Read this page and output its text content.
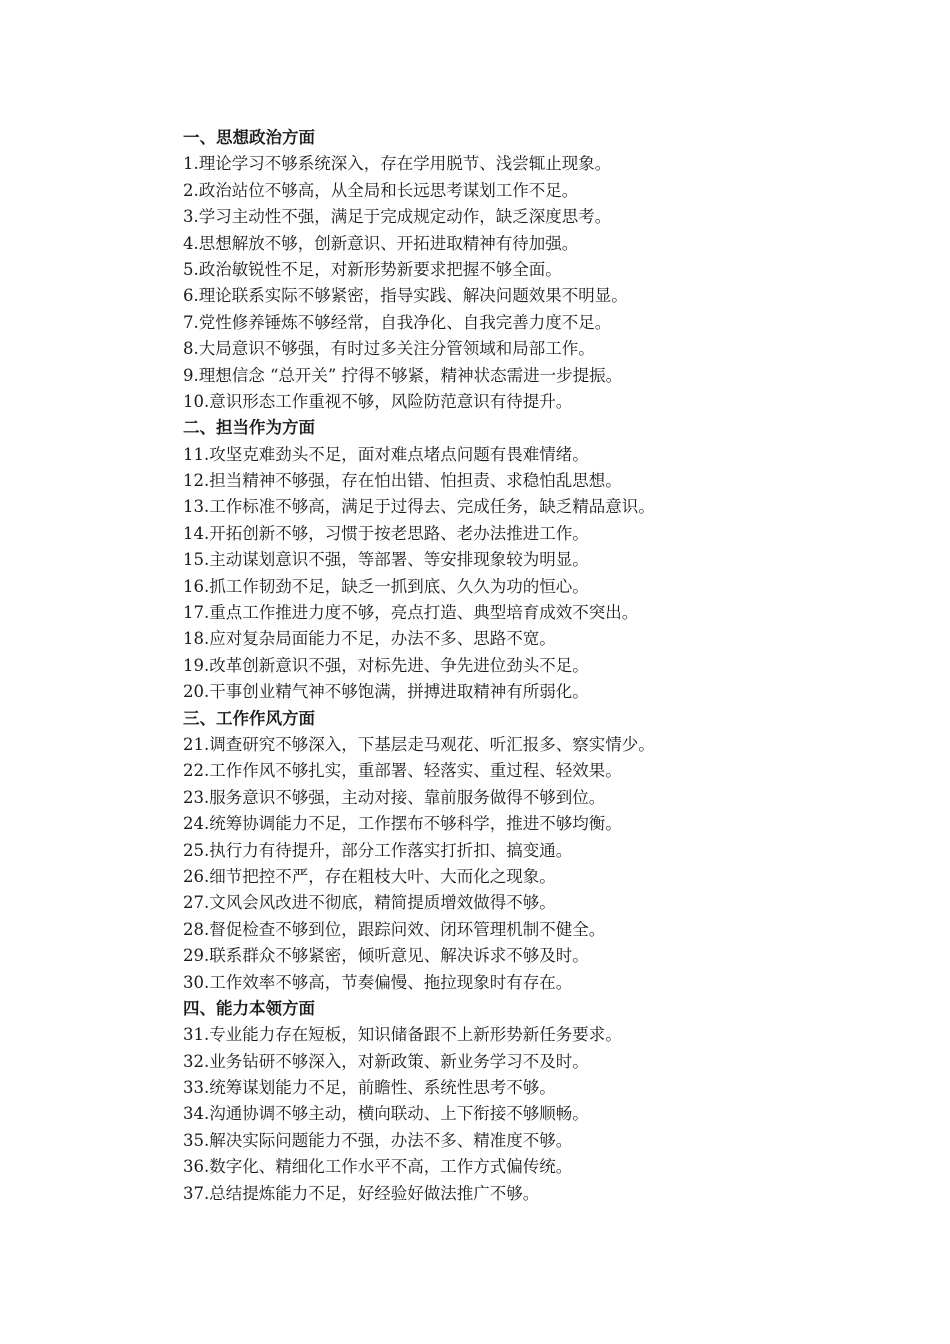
一、思想政治方面
1.理论学习不够系统深入，存在学用脱节、浅尝辄止现象。
2.政治站位不够高，从全局和长远思考谋划工作不足。
3.学习主动性不强，满足于完成规定动作，缺乏深度思考。
4.思想解放不够，创新意识、开拓进取精神有待加强。
5.政治敏锐性不足，对新形势新要求把握不够全面。
6.理论联系实际不够紧密，指导实践、解决问题效果不明显。
7.党性修养锤炼不够经常，自我净化、自我完善力度不足。
8.大局意识不够强，有时过多关注分管领域和局部工作。
9.理想信念 “总开关” 拧得不够紧，精神状态需进一步提振。
10.意识形态工作重视不够，风险防范意识有待提升。
二、担当作为方面
11.攻坚克难劲头不足，面对难点堵点问题有畏难情绪。
12.担当精神不够强，存在怕出错、怕担责、求稳怕乱思想。
13.工作标准不够高，满足于过得去、完成任务，缺乏精品意识。
14.开拓创新不够，习惯于按老思路、老办法推进工作。
15.主动谋划意识不强，等部署、等安排现象较为明显。
16.抓工作韧劲不足，缺乏一抓到底、久久为功的恒心。
17.重点工作推进力度不够，亮点打造、典型培育成效不突出。
18.应对复杂局面能力不足，办法不多、思路不宽。
19.改革创新意识不强，对标先进、争先进位劲头不足。
20.干事创业精气神不够饱满，拼搏进取精神有所弱化。
三、工作作风方面
21.调查研究不够深入，下基层走马观花、听汇报多、察实情少。
22.工作作风不够扎实，重部署、轻落实、重过程、轻效果。
23.服务意识不够强，主动对接、靠前服务做得不够到位。
24.统筹协调能力不足，工作摆布不够科学，推进不够均衡。
25.执行力有待提升，部分工作落实打折扣、搞变通。
26.细节把控不严，存在粗枝大叶、大而化之现象。
27.文风会风改进不彻底，精简提质增效做得不够。
28.督促检查不够到位，跟踪问效、闭环管理机制不健全。
29.联系群众不够紧密，倾听意见、解决诉求不够及时。
30.工作效率不够高，节奏偏慢、拖拉现象时有存在。
四、能力本领方面
31.专业能力存在短板，知识储备跟不上新形势新任务要求。
32.业务钻研不够深入，对新政策、新业务学习不及时。
33.统筹谋划能力不足，前瞻性、系统性思考不够。
34.沟通协调不够主动，横向联动、上下衔接不够顺畅。
35.解决实际问题能力不强，办法不多、精准度不够。
36.数字化、精细化工作水平不高，工作方式偏传统。
37.总结提炼能力不足，好经验好做法推广不够。
